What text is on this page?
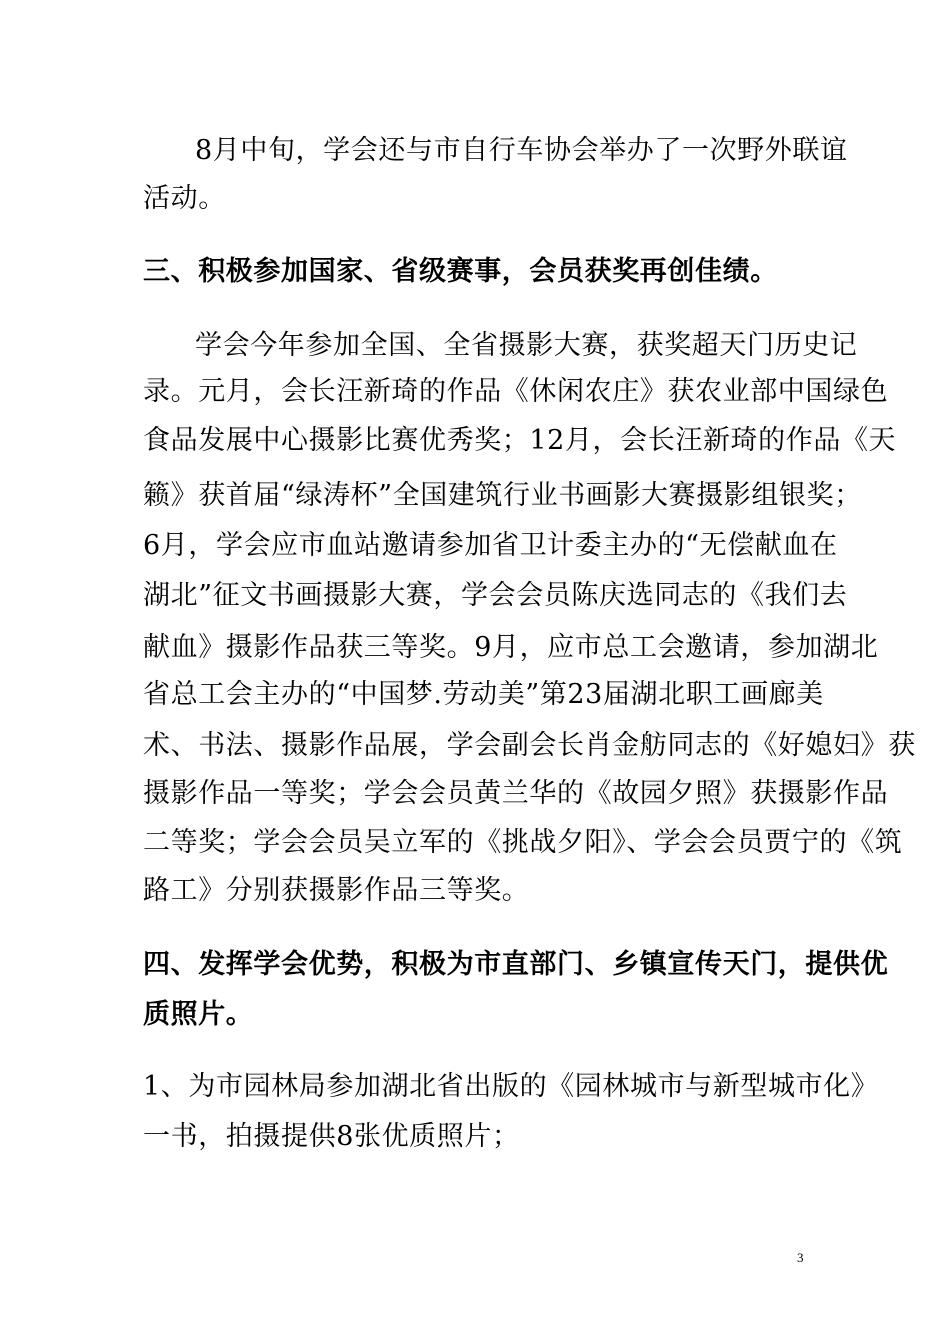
8月中旬，学会还与市自行车协会举办了一次野外联谊
活动。
三、积极参加国家、省级赛事，会员获奖再创佳绩。
学会今年参加全国、全省摄影大赛，获奖超天门历史记
录。元月，会长汪新琦的作品《休闲农庄》获农业部中国绿色
食品发展中心摄影比赛优秀奖；12月，会长汪新琦的作品《天
籁》获首届“绿涛杯”全国建筑行业书画影大赛摄影组银奖；
6月，学会应市血站邀请参加省卫计委主办的“无偿献血在
湖北”征文书画摄影大赛，学会会员陈庆选同志的《我们去
献血》摄影作品获三等奖。9月，应市总工会邀请，参加湖北
省总工会主办的“中国梦.劳动美”第23届湖北职工画廊美
术、书法、摄影作品展，学会副会长肖金舫同志的《好媳妇》获
摄影作品一等奖；学会会员黄兰华的《故园夕照》获摄影作品
二等奖；学会会员吴立军的《挑战夕阳》、学会会员贾宁的《筑
路工》分别获摄影作品三等奖。
四、发挥学会优势，积极为市直部门、乡镇宣传天门，提供优
质照片。
1、为市园林局参加湖北省出版的《园林城市与新型城市化》
一书，拍摄提供8张优质照片；
3
